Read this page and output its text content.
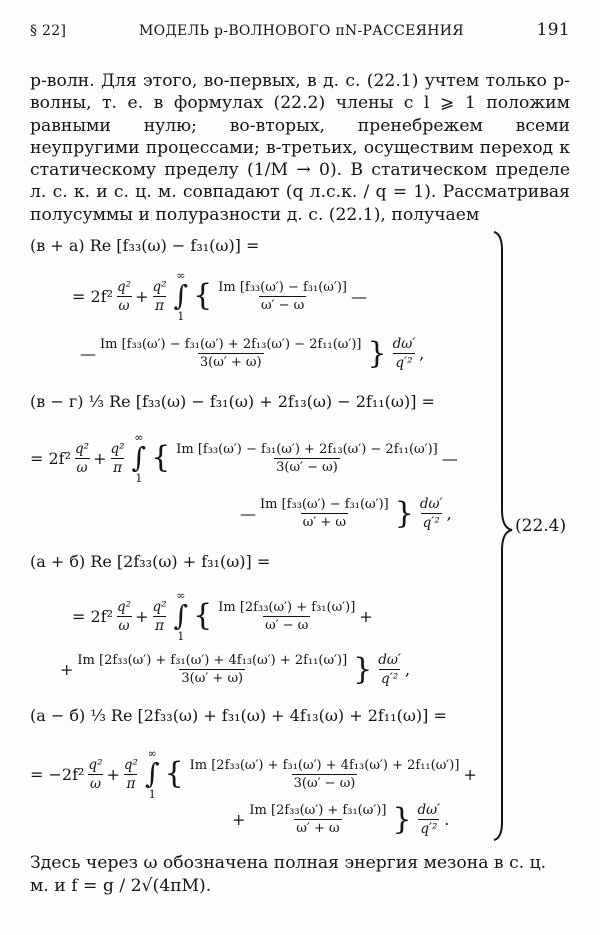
§ 22]	МОДЕЛЬ p-ВОЛНОВОГО πN-РАССЕЯНИЯ	191

p-волн. Для этого, во-первых, в д. с. (22.1) учтем только p-волны, т. е. в формулах (22.2) члены с l ⩾ 1 положим равными нулю; во-вторых, пренебрежем всеми неупругими процессами; в-третьих, осуществим переход к статическому пределу (1/M → 0). В статическом пределе л. с. к. и с. ц. м. совпадают (q л.с.к. / q = 1). Рассматривая полусуммы и полуразности д. с. (22.1), получаем

(в + а) Re [f₃₃(ω) − f₃₁(ω)] =
= $2f^2 \frac{\text{q²}}{\omega} + \frac{\text{q²}}{\pi}$
∞
∫
1
{ $\frac{\text{Im [f₃₃(ω′) − f₃₁(ω′)]}}{\omega' - \omega}$ —
— $\frac{\text{Im [f₃₃(ω′) − f₃₁(ω′) + 2f₁₃(ω′) − 2f₁₁(ω′)]}}{3(\omega' + \omega)}$ } $\frac{d\omega'}{\text{q′²}}$ ,
(в − г) ⅓ Re [f₃₃(ω) − f₃₁(ω) + 2f₁₃(ω) − 2f₁₁(ω)] =
= $2f^2 \frac{\text{q²}}{\omega} + \frac{\text{q²}}{\pi}$
∞
∫
1
{ $\frac{\text{Im [f₃₃(ω′) − f₃₁(ω′) + 2f₁₃(ω′) − 2f₁₁(ω′)]}}{3(\omega' - \omega)}$ —
— $\frac{\text{Im [f₃₃(ω′) − f₃₁(ω′)]}}{\omega' + \omega}$ } $\frac{d\omega'}{\text{q′²}}$ ,
(а + б) Re [2f₃₃(ω) + f₃₁(ω)] =
= $2f^2 \frac{\text{q²}}{\omega} + \frac{\text{q²}}{\pi}$
∞
∫
1
{ $\frac{\text{Im [2f₃₃(ω′) + f₃₁(ω′)]}}{\omega' - \omega}$ +
+ $\frac{\text{Im [2f₃₃(ω′) + f₃₁(ω′) + 4f₁₃(ω′) + 2f₁₁(ω′)]}}{3(\omega' + \omega)}$ } $\frac{d\omega'}{\text{q′²}}$ ,
(а − б) ⅓ Re [2f₃₃(ω) + f₃₁(ω) + 4f₁₃(ω) + 2f₁₁(ω)] =
= $-2f^2 \frac{\text{q²}}{\omega} + \frac{\text{q²}}{\pi}$
∞
∫
1
{ $\frac{\text{Im [2f₃₃(ω′) + f₃₁(ω′) + 4f₁₃(ω′) + 2f₁₁(ω′)]}}{3(\omega' - \omega)}$ +
+ $\frac{\text{Im [2f₃₃(ω′) + f₃₁(ω′)]}}{\omega' + \omega}$ } $\frac{d\omega'}{\text{q′²}}$ .
(22.4)

Здесь через ω обозначена полная энергия мезона в с. ц. м. и f = g / 2√(4πM).
